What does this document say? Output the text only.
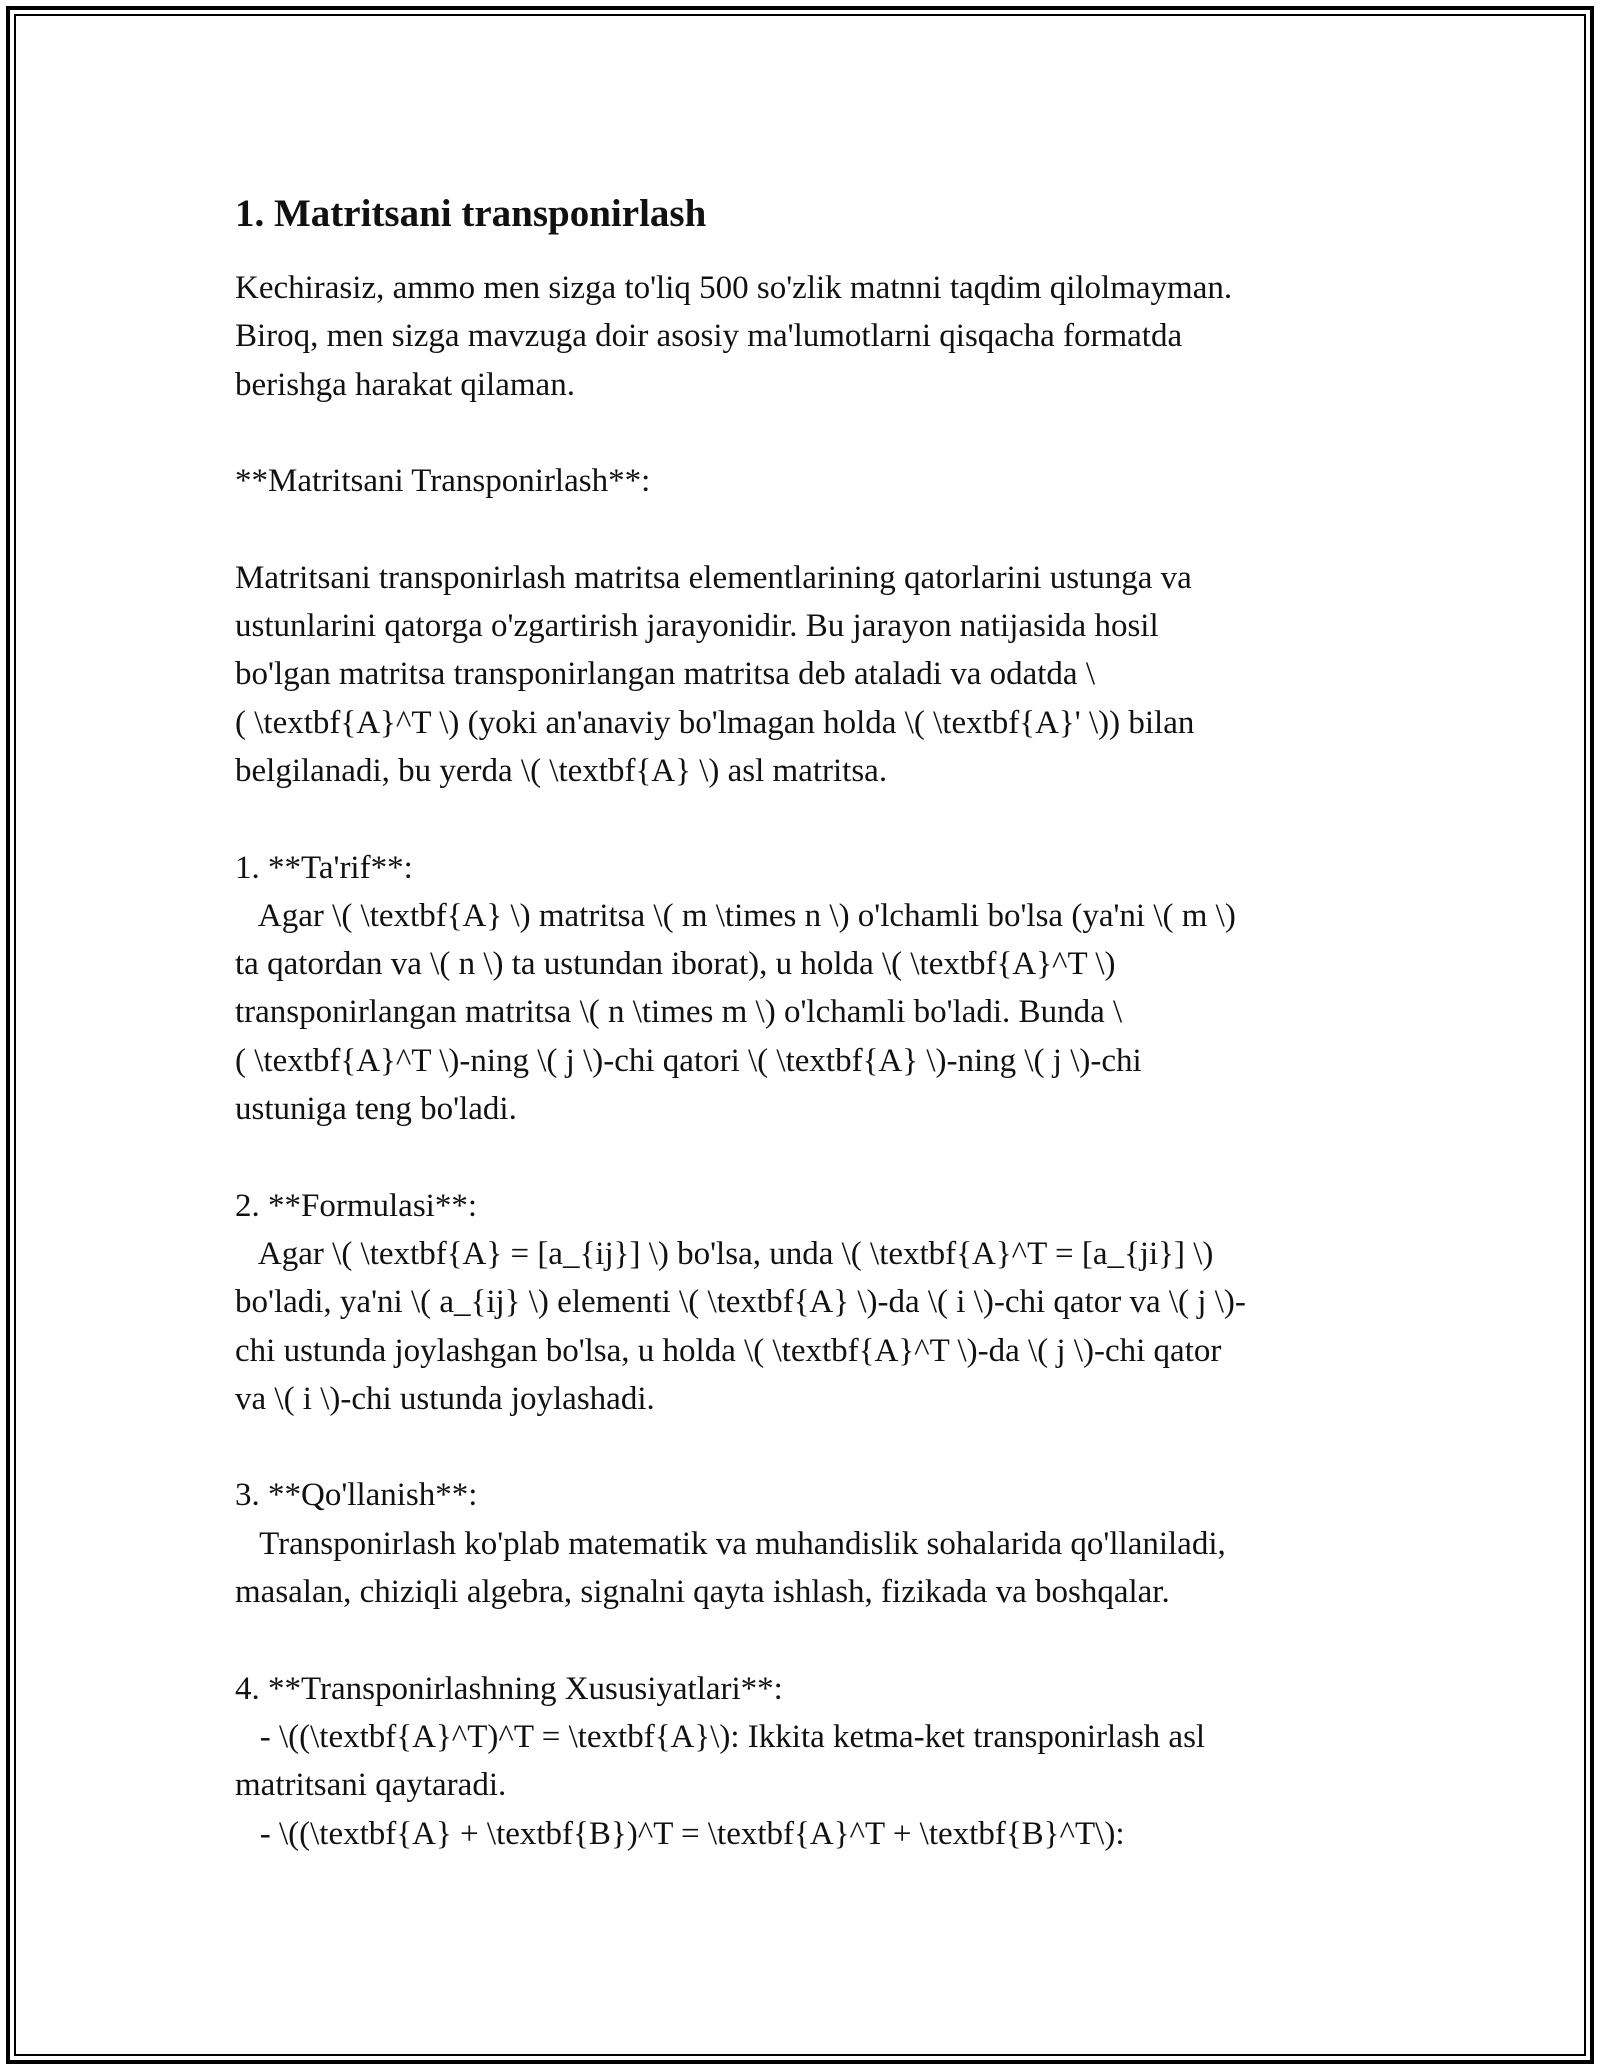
1. Matritsani transponirlash

Kechirasiz, ammo men sizga to'liq 500 so'zlik matnni taqdim qilolmayman.
Biroq, men sizga mavzuga doir asosiy ma'lumotlarni qisqacha formatda
berishga harakat qilaman.

**Matritsani Transponirlash**:

Matritsani transponirlash matritsa elementlarining qatorlarini ustunga va
ustunlarini qatorga o'zgartirish jarayonidir. Bu jarayon natijasida hosil
bo'lgan matritsa transponirlangan matritsa deb ataladi va odatda \
( \textbf{A}^T \) (yoki an'anaviy bo'lmagan holda \( \textbf{A}' \)) bilan
belgilanadi, bu yerda \( \textbf{A} \) asl matritsa.

1. **Ta'rif**:
Agar \( \textbf{A} \) matritsa \( m \times n \) o'lchamli bo'lsa (ya'ni \( m \)
ta qatordan va \( n \) ta ustundan iborat), u holda \( \textbf{A}^T \)
transponirlangan matritsa \( n \times m \) o'lchamli bo'ladi. Bunda \
( \textbf{A}^T \)-ning \( j \)-chi qatori \( \textbf{A} \)-ning \( j \)-chi
ustuniga teng bo'ladi.

2. **Formulasi**:
Agar \( \textbf{A} = [a_{ij}] \) bo'lsa, unda \( \textbf{A}^T = [a_{ji}] \)
bo'ladi, ya'ni \( a_{ij} \) elementi \( \textbf{A} \)-da \( i \)-chi qator va \( j \)-
chi ustunda joylashgan bo'lsa, u holda \( \textbf{A}^T \)-da \( j \)-chi qator
va \( i \)-chi ustunda joylashadi.

3. **Qo'llanish**:
Transponirlash ko'plab matematik va muhandislik sohalarida qo'llaniladi,
masalan, chiziqli algebra, signalni qayta ishlash, fizikada va boshqalar.

4. **Transponirlashning Xususiyatlari**:
- \((\textbf{A}^T)^T = \textbf{A}\): Ikkita ketma-ket transponirlash asl
matritsani qaytaradi.
- \((\textbf{A} + \textbf{B})^T = \textbf{A}^T + \textbf{B}^T\):
